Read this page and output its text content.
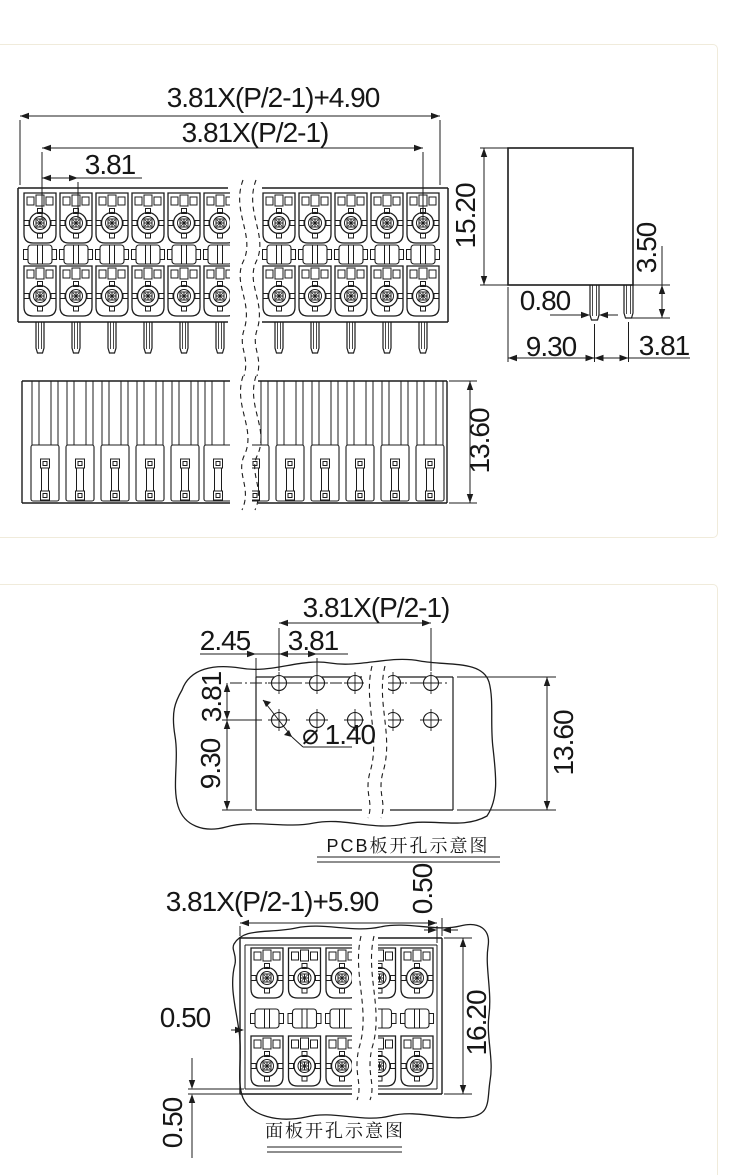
3.81X(P/2-1)+4.90
3.81X(P/2-1)
3.81
15.20	3.50
0.80
9.30 3.81
13.60
3.81X(P/2-1)
2.45 3.81
3.81
9.30
⌀ 1.40	13.60
PCB板开孔示意图
3.81X(P/2-1)+5.90 0.50
0.50	16.20
0.50	面板开孔示意图
